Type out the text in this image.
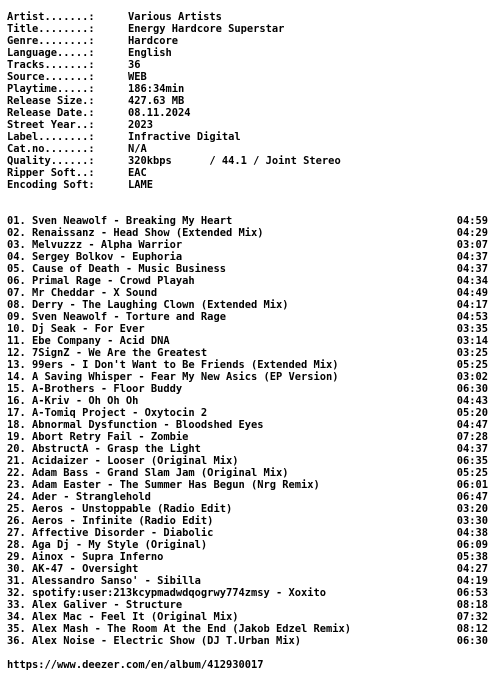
Artist.......:	Various Artists
Title........:	Energy Hardcore Superstar
Genre........:	Hardcore
Language.....:	English
Tracks.......:	36
Source.......:	WEB
Playtime.....:	186:34min
Release Size.:	427.63 MB
Release Date.:	08.11.2024
Street Year..:	2023
Label........:	Infractive Digital
Cat.no.......:	N/A
Quality......:	320kbps      / 44.1 / Joint Stereo
Ripper Soft..:	EAC
Encoding Soft:	LAME
01. Sven Neawolf - Breaking My Heart	04:59
02. Renaissanz - Head Show (Extended Mix)	04:29
03. Melvuzzz - Alpha Warrior	03:07
04. Sergey Bolkov - Euphoria	04:37
05. Cause of Death - Music Business	04:37
06. Primal Rage - Crowd Playah	04:34
07. Mr Cheddar - X Sound	04:49
08. Derry - The Laughing Clown (Extended Mix)	04:17
09. Sven Neawolf - Torture and Rage	04:53
10. Dj Seak - For Ever	03:35
11. Ebe Company - Acid DNA	03:14
12. 7SignZ - We Are the Greatest	03:25
13. 99ers - I Don't Want to Be Friends (Extended Mix)	05:25
14. A Saving Whisper - Fear My New Asics (EP Version)	03:02
15. A-Brothers - Floor Buddy	06:30
16. A-Kriv - Oh Oh Oh	04:43
17. A-Tomiq Project - Oxytocin 2	05:20
18. Abnormal Dysfunction - Bloodshed Eyes	04:47
19. Abort Retry Fail - Zombie	07:28
20. AbstructA - Grasp the Light	04:37
21. Acidaizer - Looser (Original Mix)	06:35
22. Adam Bass - Grand Slam Jam (Original Mix)	05:25
23. Adam Easter - The Summer Has Begun (Nrg Remix)	06:01
24. Ader - Stranglehold	06:47
25. Aeros - Unstoppable (Radio Edit)	03:20
26. Aeros - Infinite (Radio Edit)	03:30
27. Affective Disorder - Diabolic	04:38
28. Aga Dj - My Style (Original)	06:09
29. Ainox - Supra Inferno	05:38
30. AK-47 - Oversight	04:27
31. Alessandro Sanso' - Sibilla	04:19
32. spotify:user:213kcypmadwdqogrwy774zmsy - Xoxito	06:53
33. Alex Galiver - Structure	08:18
34. Alex Mac - Feel It (Original Mix)	07:32
35. Alex Mash - The Room At the End (Jakob Edzel Remix)	08:12
36. Alex Noise - Electric Show (DJ T.Urban Mix)	06:30
https://www.deezer.com/en/album/412930017
